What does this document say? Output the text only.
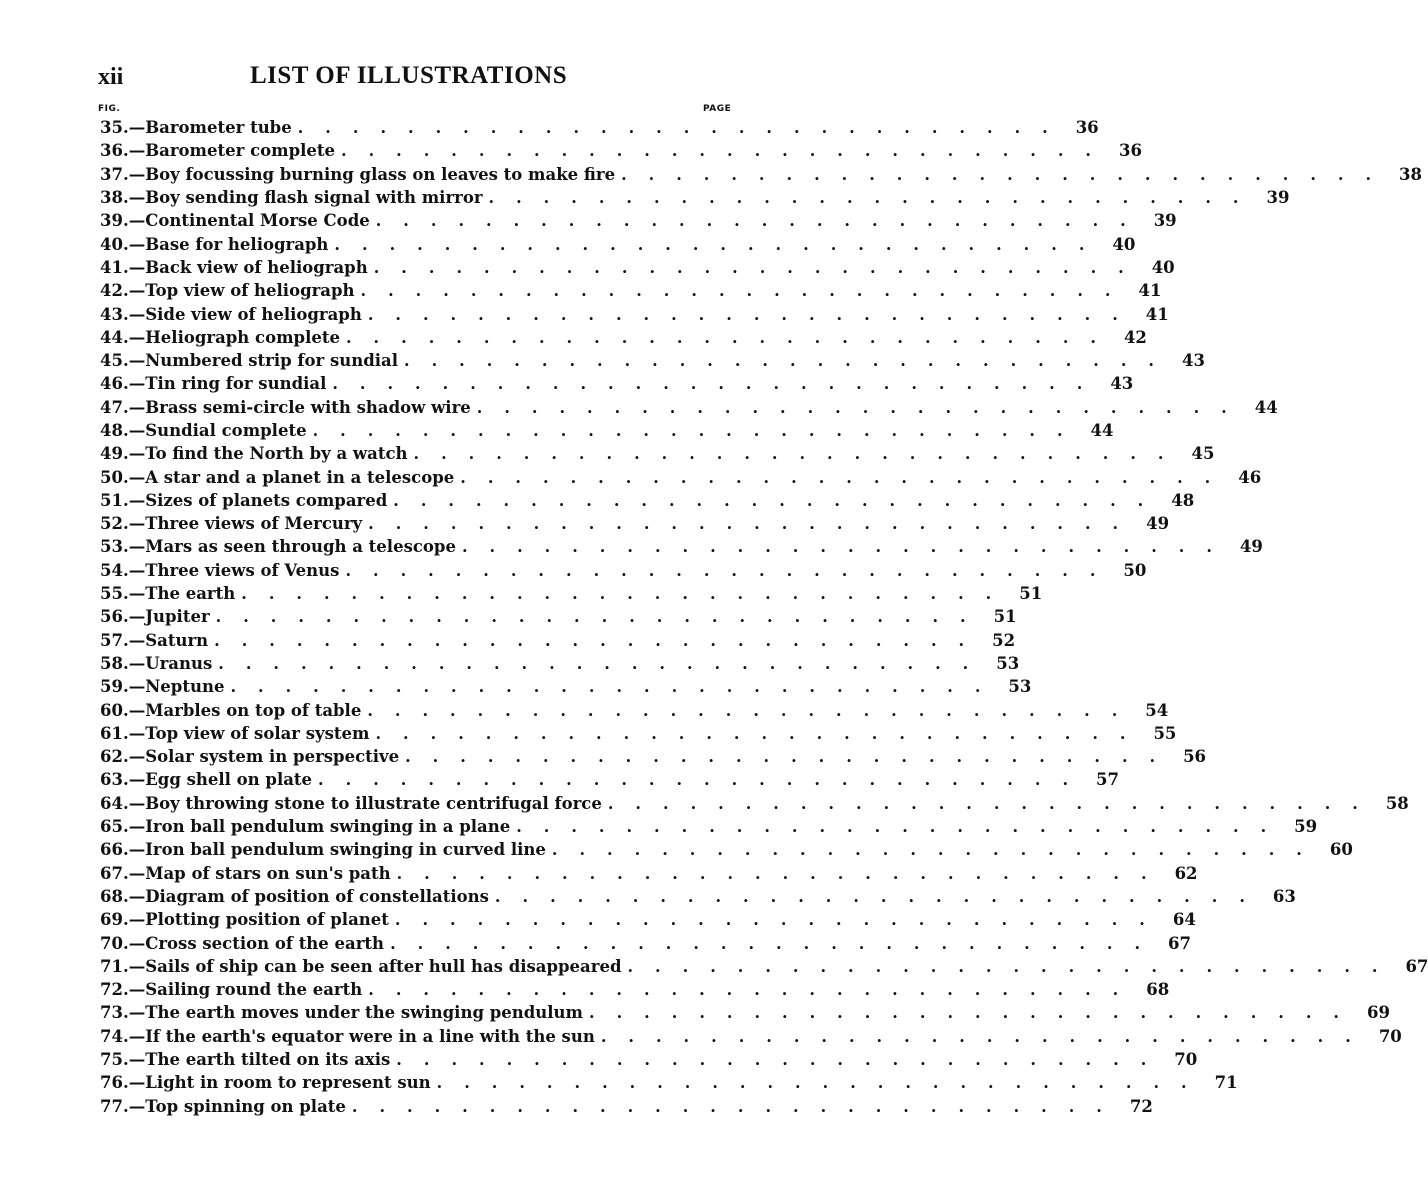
xii	LIST OF ILLUSTRATIONS
FIG.	PAGE
35. — Barometer tube ............................ 36
36. — Barometer complete ............................ 36
37. — Boy focussing burning glass on leaves to make fire ............................ 38
38. — Boy sending flash signal with mirror ............................ 39
39. — Continental Morse Code ............................ 39
40. — Base for heliograph ............................ 40
41. — Back view of heliograph ............................ 40
42. — Top view of heliograph ............................ 41
43. — Side view of heliograph ............................ 41
44. — Heliograph complete ............................ 42
45. — Numbered strip for sundial ............................ 43
46. — Tin ring for sundial ............................ 43
47. — Brass semi-circle with shadow wire ............................ 44
48. — Sundial complete ............................ 44
49. — To find the North by a watch ............................ 45
50. — A star and a planet in a telescope ............................ 46
51. — Sizes of planets compared ............................ 48
52. — Three views of Mercury ............................ 49
53. — Mars as seen through a telescope ............................ 49
54. — Three views of Venus ............................ 50
55. — The earth ............................ 51
56. — Jupiter ............................ 51
57. — Saturn ............................ 52
58. — Uranus ............................ 53
59. — Neptune ............................ 53
60. — Marbles on top of table ............................ 54
61. — Top view of solar system ............................ 55
62. — Solar system in perspective ............................ 56
63. — Egg shell on plate ............................ 57
64. — Boy throwing stone to illustrate centrifugal force ............................ 58
65. — Iron ball pendulum swinging in a plane ............................ 59
66. — Iron ball pendulum swinging in curved line ............................ 60
67. — Map of stars on sun's path ............................ 62
68. — Diagram of position of constellations ............................ 63
69. — Plotting position of planet ............................ 64
70. — Cross section of the earth ............................ 67
71. — Sails of ship can be seen after hull has disappeared ............................ 67
72. — Sailing round the earth ............................ 68
73. — The earth moves under the swinging pendulum ............................ 69
74. — If the earth's equator were in a line with the sun ............................ 70
75. — The earth tilted on its axis ............................ 70
76. — Light in room to represent sun ............................ 71
77. — Top spinning on plate ............................ 72
